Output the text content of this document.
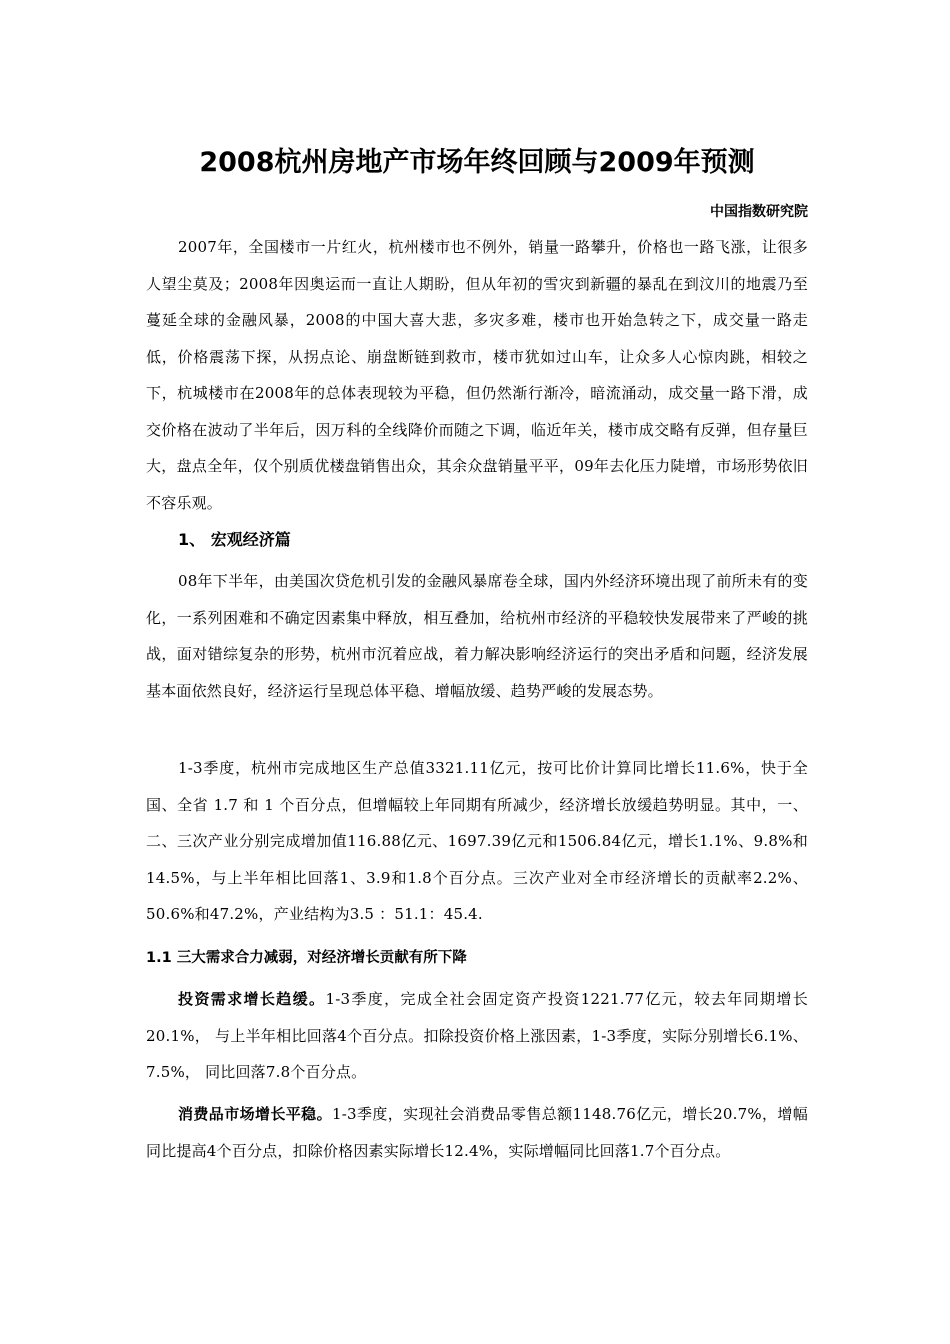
2008杭州房地产市场年终回顾与2009年预测
中国指数研究院

2007年，全国楼市一片红火，杭州楼市也不例外，销量一路攀升，价格也一路飞涨，让很多人望尘莫及；2008年因奥运而一直让人期盼，但从年初的雪灾到新疆的暴乱在到汶川的地震乃至蔓延全球的金融风暴，2008的中国大喜大悲，多灾多难，楼市也开始急转之下，成交量一路走低，价格震荡下探，从拐点论、崩盘断链到救市，楼市犹如过山车，让众多人心惊肉跳，相较之下，杭城楼市在2008年的总体表现较为平稳，但仍然渐行渐冷，暗流涌动，成交量一路下滑，成交价格在波动了半年后，因万科的全线降价而随之下调，临近年关，楼市成交略有反弹，但存量巨大，盘点全年，仅个别质优楼盘销售出众，其余众盘销量平平，09年去化压力陡增，市场形势依旧不容乐观。

1、 宏观经济篇

08年下半年，由美国次贷危机引发的金融风暴席卷全球，国内外经济环境出现了前所未有的变化，一系列困难和不确定因素集中释放，相互叠加，给杭州市经济的平稳较快发展带来了严峻的挑战，面对错综复杂的形势，杭州市沉着应战，着力解决影响经济运行的突出矛盾和问题，经济发展基本面依然良好，经济运行呈现总体平稳、增幅放缓、趋势严峻的发展态势。

1-3季度，杭州市完成地区生产总值3321.11亿元，按可比价计算同比增长11.6%，快于全国、全省 1.7 和 1 个百分点，但增幅较上年同期有所减少，经济增长放缓趋势明显。其中，一、二、三次产业分别完成增加值116.88亿元、1697.39亿元和1506.84亿元，增长1.1%、9.8%和14.5%，与上半年相比回落1、3.9和1.8个百分点。三次产业对全市经济增长的贡献率2.2%、50.6%和47.2%，产业结构为3.5 ：51.1：45.4.

1.1 三大需求合力减弱，对经济增长贡献有所下降

投资需求增长趋缓。1-3季度，完成全社会固定资产投资1221.77亿元，较去年同期增长20.1%， 与上半年相比回落4个百分点。扣除投资价格上涨因素，1-3季度，实际分别增长6.1%、7.5%， 同比回落7.8个百分点。

消费品市场增长平稳。1-3季度，实现社会消费品零售总额1148.76亿元，增长20.7%，增幅同比提高4个百分点，扣除价格因素实际增长12.4%，实际增幅同比回落1.7个百分点。
